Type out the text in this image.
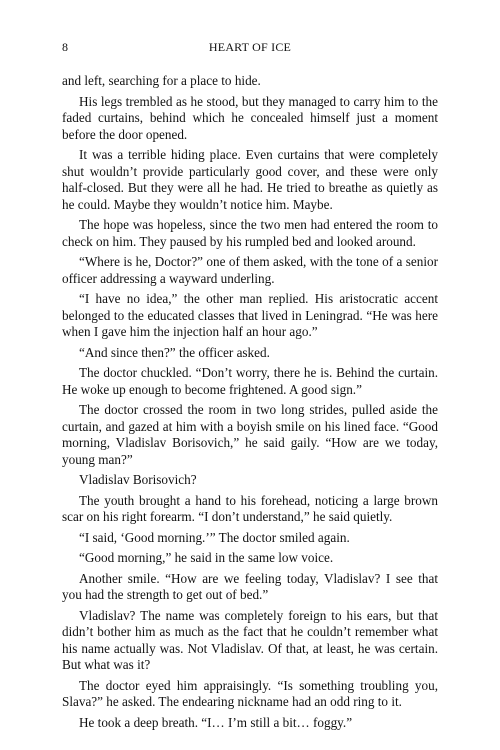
8	HEART OF ICE

and left, searching for a place to hide.

His legs trembled as he stood, but they managed to carry him to the faded curtains, behind which he concealed himself just a moment before the door opened.

It was a terrible hiding place. Even curtains that were completely shut wouldn’t provide particularly good cover, and these were only half-closed. But they were all he had. He tried to breathe as quietly as he could. Maybe they wouldn’t notice him. Maybe.

The hope was hopeless, since the two men had entered the room to check on him. They paused by his rumpled bed and looked around.

“Where is he, Doctor?” one of them asked, with the tone of a senior officer addressing a wayward underling.

“I have no idea,” the other man replied. His aristocratic accent belonged to the educated classes that lived in Leningrad. “He was here when I gave him the injection half an hour ago.”

“And since then?” the officer asked.

The doctor chuckled. “Don’t worry, there he is. Behind the curtain. He woke up enough to become frightened. A good sign.”

The doctor crossed the room in two long strides, pulled aside the curtain, and gazed at him with a boyish smile on his lined face. “Good morning, Vladislav Borisovich,” he said gaily. “How are we today, young man?”

Vladislav Borisovich?

The youth brought a hand to his forehead, noticing a large brown scar on his right forearm. “I don’t understand,” he said quietly.

“I said, ‘Good morning.’” The doctor smiled again.

“Good morning,” he said in the same low voice.

Another smile. “How are we feeling today, Vladislav? I see that you had the strength to get out of bed.”

Vladislav? The name was completely foreign to his ears, but that didn’t bother him as much as the fact that he couldn’t remember what his name actually was. Not Vladislav. Of that, at least, he was certain. But what was it?

The doctor eyed him appraisingly. “Is something troubling you, Slava?” he asked. The endearing nickname had an odd ring to it.

He took a deep breath. “I… I’m still a bit… foggy.”
